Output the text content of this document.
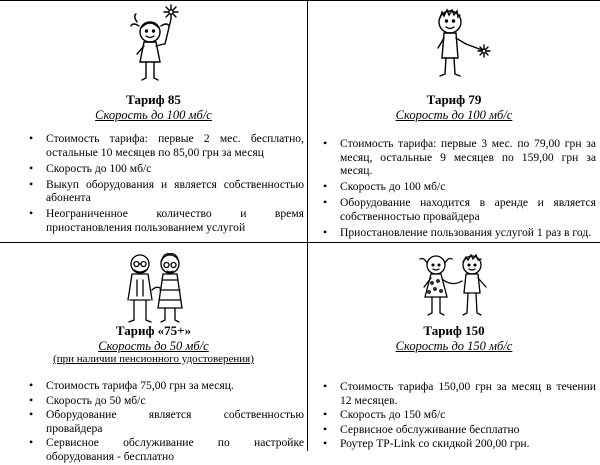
Тариф 85
Скорость до 100 мб/с
• Стоимость тарифа: первые 2 мес. бесплатно, остальные 10 месяцев по 85,00 грн за месяц
• Скорость до 100 мб/с
• Выкуп оборудования и является собственностью абонента
• Неограниченное количество и время приостановления пользованием услугой
Тариф 79
Скорость до 100 мб/с
• Стоимость тарифа: первые 3 мес. по 79,00 грн за месяц, остальные 9 месяцев по 159,00 грн за месяц.
• Скорость до 100 мб/с
• Оборудование находится в аренде и является собственностью провайдера
• Приостановление пользования услугой 1 раз в год.
Тариф «75+»
Скорость до 50 мб/с
(при наличии пенсионного удостоверения)
• Стоимость тарифа 75,00 грн за месяц.
• Скорость до 50 мб/с
• Оборудование является собственностью провайдера
• Сервисное обслуживание по настройке оборудования - бесплатно
Тариф 150
Скорость до 150 мб/с
• Стоимость тарифа 150,00 грн за месяц в течении 12 месяцев.
• Скорость до 150 мб/с
• Сервисное обслуживание бесплатно
• Роутер TP-Link со скидкой 200,00 грн.
